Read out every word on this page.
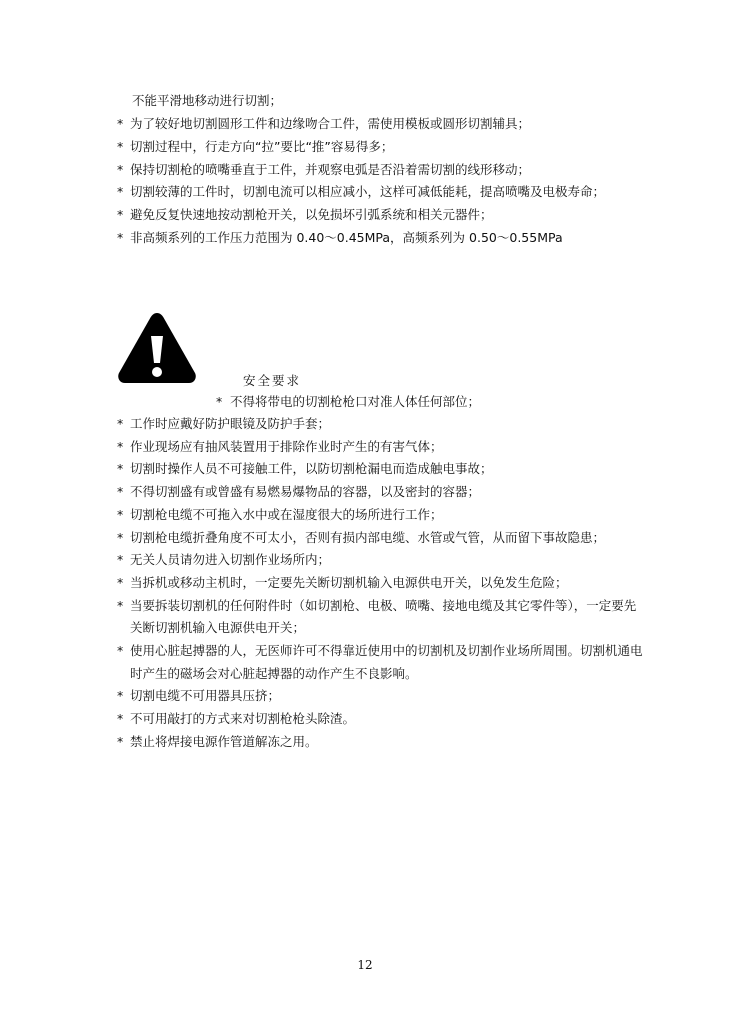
不能平滑地移动进行切割；
* 为了较好地切割圆形工件和边缘吻合工件，需使用模板或圆形切割辅具；
* 切割过程中，行走方向“拉”要比“推”容易得多；
* 保持切割枪的喷嘴垂直于工件，并观察电弧是否沿着需切割的线形移动；
* 切割较薄的工件时，切割电流可以相应减小，这样可减低能耗，提高喷嘴及电极寿命；
* 避免反复快速地按动割枪开关，以免损坏引弧系统和相关元器件；
* 非高频系列的工作压力范围为 0.40～0.45MPa，高频系列为 0.50～0.55MPa
安全要求
* 不得将带电的切割枪枪口对准人体任何部位；
* 工作时应戴好防护眼镜及防护手套；
* 作业现场应有抽风装置用于排除作业时产生的有害气体；
* 切割时操作人员不可接触工件，以防切割枪漏电而造成触电事故；
* 不得切割盛有或曾盛有易燃易爆物品的容器，以及密封的容器；
* 切割枪电缆不可拖入水中或在湿度很大的场所进行工作；
* 切割枪电缆折叠角度不可太小，否则有损内部电缆、水管或气管，从而留下事故隐患；
* 无关人员请勿进入切割作业场所内；
* 当拆机或移动主机时，一定要先关断切割机输入电源供电开关，以免发生危险；
* 当要拆装切割机的任何附件时（如切割枪、电极、喷嘴、接地电缆及其它零件等），一定要先
关断切割机输入电源供电开关；
* 使用心脏起搏器的人，无医师许可不得靠近使用中的切割机及切割作业场所周围。切割机通电
时产生的磁场会对心脏起搏器的动作产生不良影响。
* 切割电缆不可用器具压挤；
* 不可用敲打的方式来对切割枪枪头除渣。
* 禁止将焊接电源作管道解冻之用。
12
